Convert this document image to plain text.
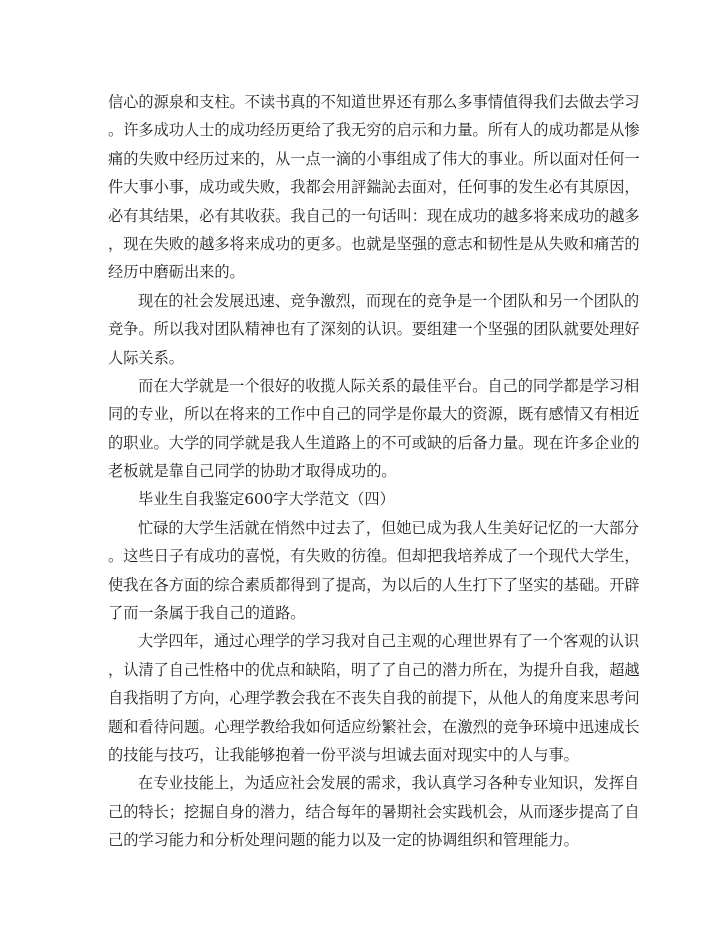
信心的源泉和支柱。不读书真的不知道世界还有那么多事情值得我们去做去学习
。许多成功人士的成功经历更给了我无穷的启示和力量。所有人的成功都是从惨
痛的失败中经历过来的，从一点一滴的小事组成了伟大的事业。所以面对任何一
件大事小事，成功或失败，我都会用評鍴訫去面对，任何事的发生必有其原因，
必有其结果，必有其收获。我自己的一句话叫：现在成功的越多将来成功的越多
，现在失败的越多将来成功的更多。也就是坚强的意志和韧性是从失败和痛苦的
经历中磨砺出来的。
现在的社会发展迅速、竞争激烈，而现在的竞争是一个团队和另一个团队的
竞争。所以我对团队精神也有了深刻的认识。要组建一个坚强的团队就要处理好
人际关系。
而在大学就是一个很好的收揽人际关系的最佳平台。自己的同学都是学习相
同的专业，所以在将来的工作中自己的同学是你最大的资源，既有感情又有相近
的职业。大学的同学就是我人生道路上的不可或缺的后备力量。现在许多企业的
老板就是靠自己同学的协助才取得成功的。
毕业生自我鉴定600字大学范文（四）
忙碌的大学生活就在悄然中过去了，但她已成为我人生美好记忆的一大部分
。这些日子有成功的喜悦，有失败的彷徨。但却把我培养成了一个现代大学生，
使我在各方面的综合素质都得到了提高，为以后的人生打下了坚实的基础。开辟
了而一条属于我自己的道路。
大学四年，通过心理学的学习我对自己主观的心理世界有了一个客观的认识
，认清了自己性格中的优点和缺陷，明了了自己的潜力所在，为提升自我，超越
自我指明了方向，心理学教会我在不丧失自我的前提下，从他人的角度来思考问
题和看待问题。心理学教给我如何适应纷繁社会，在激烈的竞争环境中迅速成长
的技能与技巧，让我能够抱着一份平淡与坦诚去面对现实中的人与事。
在专业技能上，为适应社会发展的需求，我认真学习各种专业知识，发挥自
己的特长；挖掘自身的潜力，结合每年的暑期社会实践机会，从而逐步提高了自
己的学习能力和分析处理问题的能力以及一定的协调组织和管理能力。
